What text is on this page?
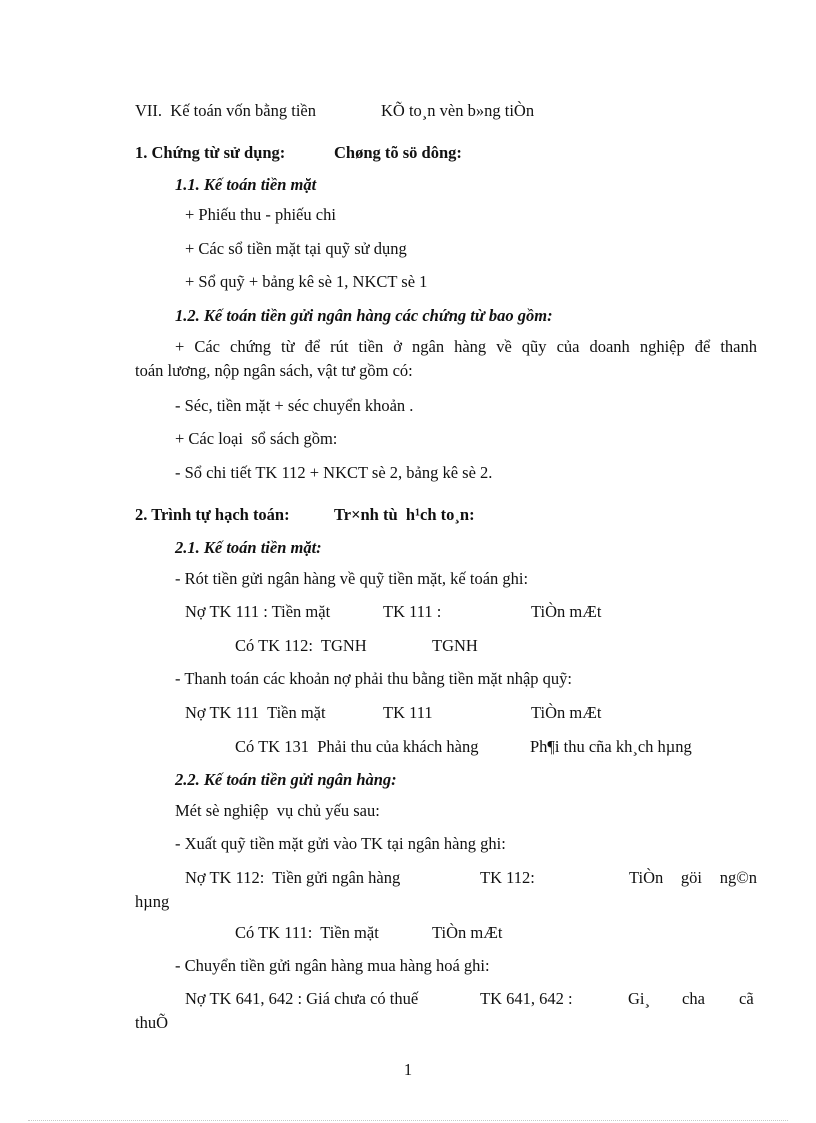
VII.  Kế toán vốn bằng tiền	KÕ to¸n vèn b»ng tiÒn
1. Chứng từ sử dụng:	Chøng tõ sö dông:
1.1. Kế toán tiền mặt
+ Phiếu thu - phiếu chi
+ Các sổ tiền mặt tại quỹ sử dụng
+ Sổ quỹ + bảng kê sè 1, NKCT sè 1
1.2. Kế toán tiền gửi ngân hàng các chứng từ bao gồm:
+ Các chứng từ để rút tiền ở ngân hàng về qũy của doanh nghiệp để thanh
toán lương, nộp ngân sách, vật tư gồm có:
- Séc, tiền mặt + séc chuyển khoản .
+ Các loại  sổ sách gồm:
- Sổ chi tiết TK 112 + NKCT sè 2, bảng kê sè 2.
2. Trình tự hạch toán:	Tr×nh tù  h¹ch to¸n:
2.1. Kế toán tiền mặt:
- Rót tiền gửi ngân hàng về quỹ tiền mặt, kế toán ghi:
Nợ TK 111 : Tiền mặt	TK 111 :	TiÒn mÆt
Có TK 112:  TGNH	TGNH
- Thanh toán các khoản nợ phải thu bằng tiền mặt nhập quỹ:
Nợ TK 111  Tiền mặt	TK 111	TiÒn mÆt
Có TK 131  Phải thu của khách hàng	Ph¶i thu cña kh¸ch hµng
2.2. Kế toán tiền gửi ngân hàng:
Mét sè nghiệp  vụ chủ yếu sau:
- Xuất quỹ tiền mặt gửi vào TK tại ngân hàng ghi:
Nợ TK 112:  Tiền gửi ngân hàng	TK 112:	TiÒn  göi  ng©n
hµng
Có TK 111:  Tiền mặt	TiÒn mÆt
- Chuyển tiền gửi ngân hàng mua hàng hoá ghi:
Nợ TK 641, 642 : Giá chưa có thuế	TK 641, 642 :	Gi¸ cha cã
thuÕ
1
